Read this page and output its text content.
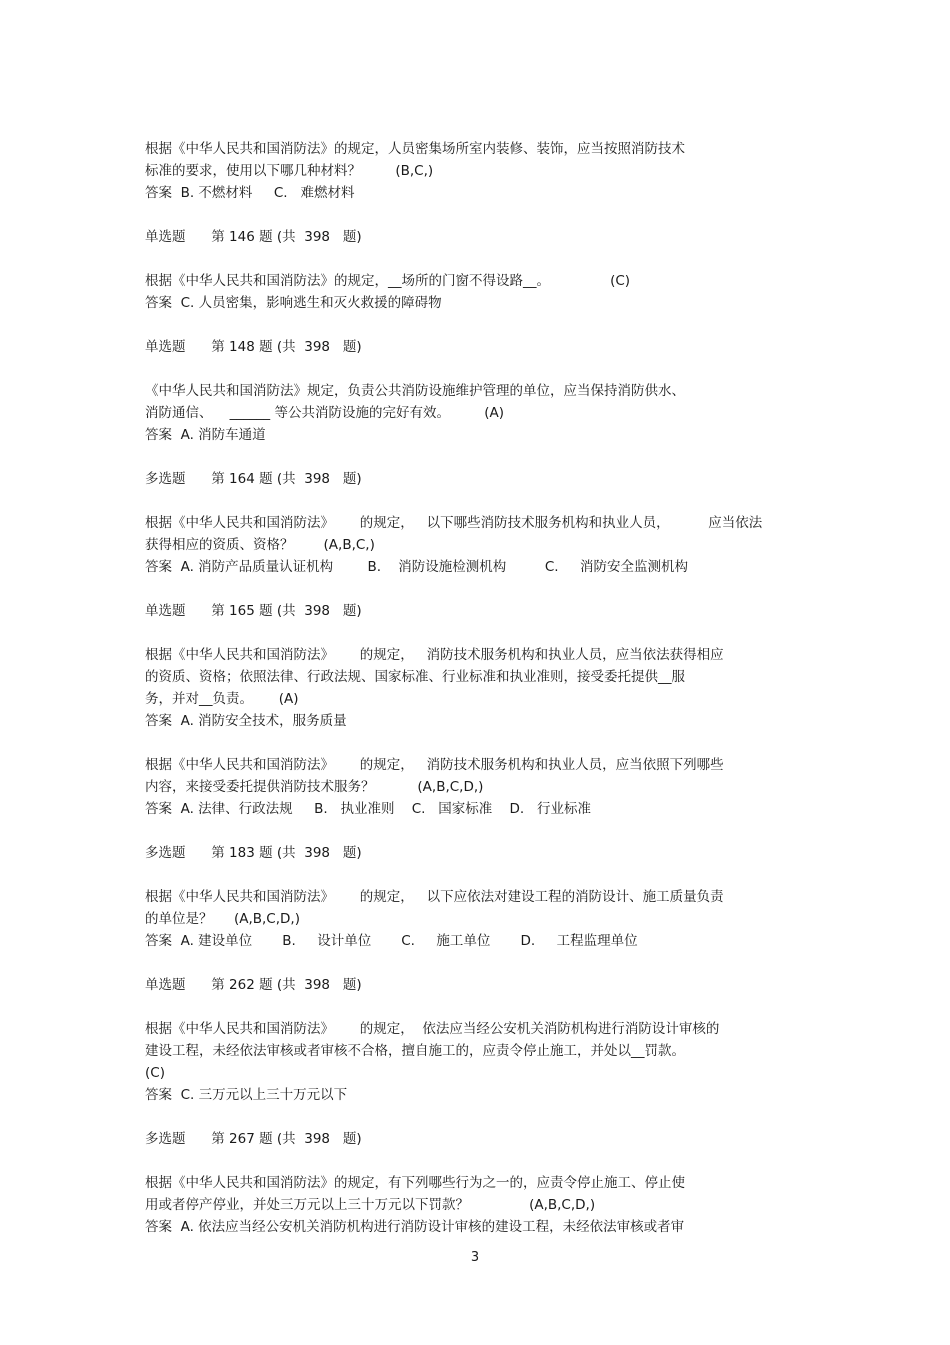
根据《中华人民共和国消防法》的规定，人员密集场所室内装修、装饰，应当按照消防技术
标准的要求，使用以下哪几种材料？        (B,C,)
答案  B. 不燃材料     C.   难燃材料
单选题      第 146 题 (共  398   题)
根据《中华人民共和国消防法》的规定，__场所的门窗不得设路__。              (C)
答案  C. 人员密集，影响逃生和灭火救援的障碍物
单选题      第 148 题 (共  398   题)
《中华人民共和国消防法》规定，负责公共消防设施维护管理的单位，应当保持消防供水、
消防通信、    ______ 等公共消防设施的完好有效。        (A)
答案  A. 消防车通道
多选题      第 164 题 (共  398   题)
根据《中华人民共和国消防法》      的规定，   以下哪些消防技术服务机构和执业人员，         应当依法
获得相应的资质、资格？       (A,B,C,)
答案  A. 消防产品质量认证机构        B.    消防设施检测机构         C.     消防安全监测机构
单选题      第 165 题 (共  398   题)
根据《中华人民共和国消防法》      的规定，   消防技术服务机构和执业人员，应当依法获得相应
的资质、资格；依照法律、行政法规、国家标准、行业标准和执业准则，接受委托提供__服
务，并对__负责。      (A)
答案  A. 消防安全技术，服务质量
根据《中华人民共和国消防法》      的规定，   消防技术服务机构和执业人员，应当依照下列哪些
内容，来接受委托提供消防技术服务？          (A,B,C,D,)
答案  A. 法律、行政法规     B.   执业准则    C.   国家标准    D.   行业标准
多选题      第 183 题 (共  398   题)
根据《中华人民共和国消防法》      的规定，   以下应依法对建设工程的消防设计、施工质量负责
的单位是？     (A,B,C,D,)
答案  A. 建设单位       B.     设计单位       C.     施工单位       D.     工程监理单位
单选题      第 262 题 (共  398   题)
根据《中华人民共和国消防法》      的规定，  依法应当经公安机关消防机构进行消防设计审核的
建设工程，未经依法审核或者审核不合格，擅自施工的，应责令停止施工，并处以__罚款。
(C)
答案  C. 三万元以上三十万元以下
多选题      第 267 题 (共  398   题)
根据《中华人民共和国消防法》的规定，有下列哪些行为之一的，应责令停止施工、停止使
用或者停产停业，并处三万元以上三十万元以下罚款？              (A,B,C,D,)
答案  A. 依法应当经公安机关消防机构进行消防设计审核的建设工程，未经依法审核或者审
3
